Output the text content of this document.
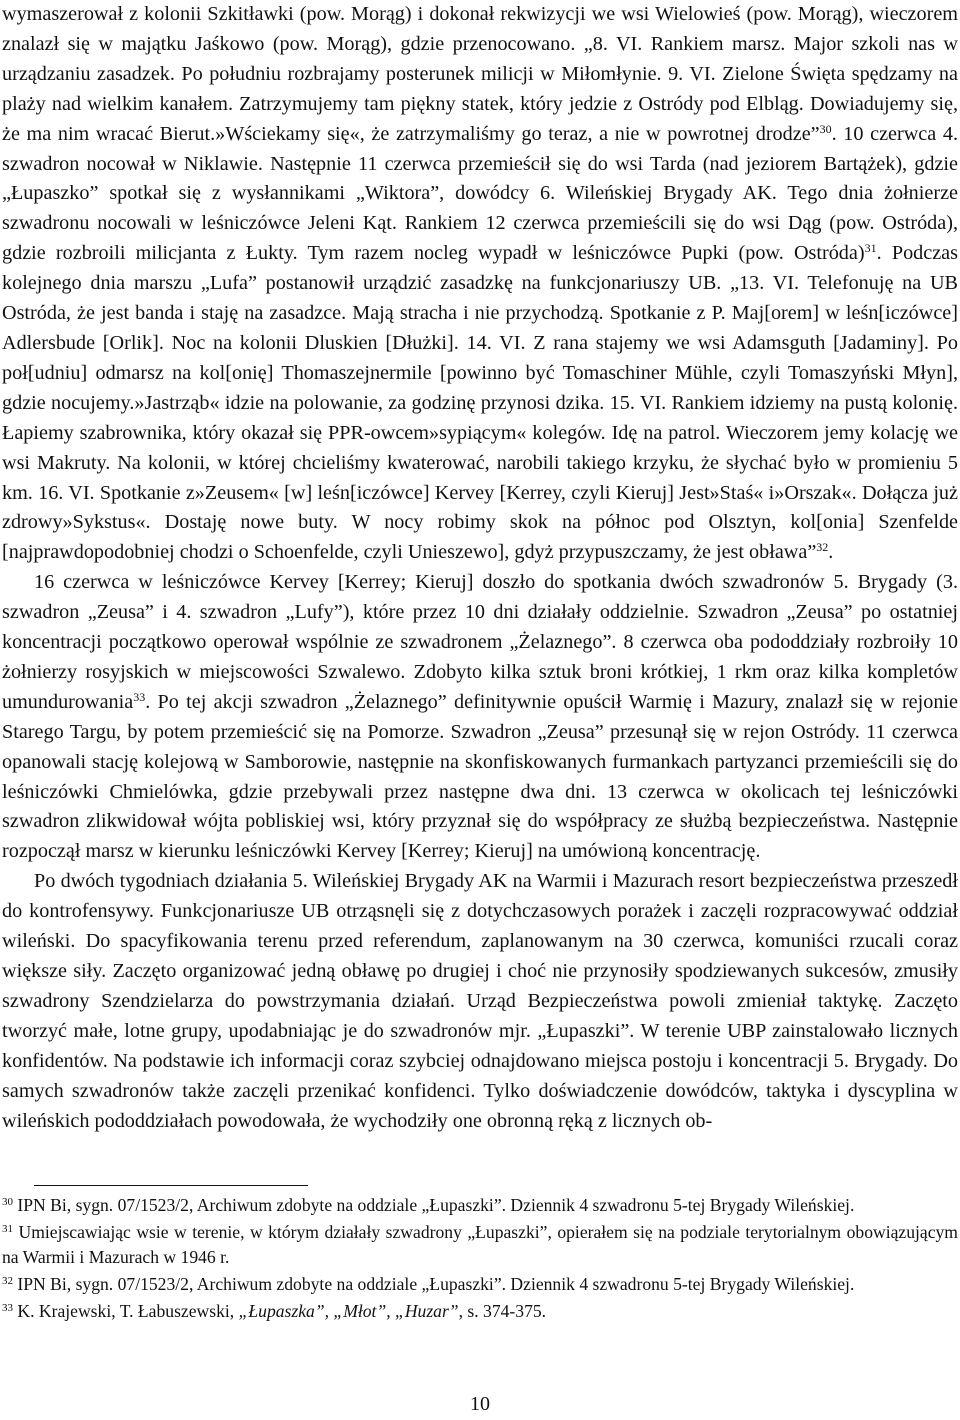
wymaszerował z kolonii Szkitławki (pow. Morąg) i dokonał rekwizycji we wsi Wielowieś (pow. Morąg), wieczorem znalazł się w majątku Jaśkowo (pow. Morąg), gdzie przenocowano. „8. VI. Rankiem marsz. Major szkoli nas w urządzaniu zasadzek. Po południu rozbrajamy posterunek milicji w Miłomłynie. 9. VI. Zielone Święta spędzamy na plaży nad wielkim kanałem. Zatrzymujemy tam piękny statek, który jedzie z Ostródy pod Elbląg. Dowiadujemy się, że ma nim wracać Bierut.»Wściekamy się«, że zatrzymaliśmy go teraz, a nie w powrotnej drodze”$^{30}$. 10 czerwca 4. szwadron nocował w Niklawie. Następnie 11 czerwca przemieścił się do wsi Tarda (nad jeziorem Bartążek), gdzie „Łupaszko” spotkał się z wysłannikami „Wiktora”, dowódcy 6. Wileńskiej Brygady AK. Tego dnia żołnierze szwadronu nocowali w leśniczówce Jeleni Kąt. Rankiem 12 czerwca przemieścili się do wsi Dąg (pow. Ostróda), gdzie rozbroili milicjanta z Łukty. Tym razem nocleg wypadł w leśniczówce Pupki (pow. Ostróda)$^{31}$. Podczas kolejnego dnia marszu „Lufa” postanowił urządzić zasadzkę na funkcjonariuszy UB. „13. VI. Telefonuję na UB Ostróda, że jest banda i staję na zasadzce. Mają stracha i nie przychodzą. Spotkanie z P. Maj[orem] w leśn[iczówce] Adlersbude [Orlik]. Noc na kolonii Dluskien [Dłużki]. 14. VI. Z rana stajemy we wsi Adamsguth [Jadaminy]. Po poł[udniu] odmarsz na kol[onię] Thomaszejnermile [powinno być Tomaschiner Mühle, czyli Tomaszyński Młyn], gdzie nocujemy.»Jastrząb« idzie na polowanie, za godzinę przynosi dzika. 15. VI. Rankiem idziemy na pustą kolonię. Łapiemy szabrownika, który okazał się PPR-owcem»sypiącym« kolegów. Idę na patrol. Wieczorem jemy kolację we wsi Makruty. Na kolonii, w której chcieliśmy kwaterować, narobili takiego krzyku, że słychać było w promieniu 5 km. 16. VI. Spotkanie z»Zeusem« [w] leśn[iczówce] Kervey [Kerrey, czyli Kieruj] Jest»Staś« i»Orszak«. Dołącza już zdrowy»Sykstus«. Dostaję nowe buty. W nocy robimy skok na północ pod Olsztyn, kol[onia] Szenfelde [najprawdopodobniej chodzi o Schoenfelde, czyli Unieszewo], gdyż przypuszczamy, że jest obława”$^{32}$.

16 czerwca w leśniczówce Kervey [Kerrey; Kieruj] doszło do spotkania dwóch szwadronów 5. Brygady (3. szwadron „Zeusa” i 4. szwadron „Lufy”), które przez 10 dni działały oddzielnie. Szwadron „Zeusa” po ostatniej koncentracji początkowo operował wspólnie ze szwadronem „Żelaznego”. 8 czerwca oba pododdziały rozbroiły 10 żołnierzy rosyjskich w miejscowości Szwalewo. Zdobyto kilka sztuk broni krótkiej, 1 rkm oraz kilka kompletów umundurowania$^{33}$. Po tej akcji szwadron „Żelaznego” definitywnie opuścił Warmię i Mazury, znalazł się w rejonie Starego Targu, by potem przemieścić się na Pomorze. Szwadron „Zeusa” przesunął się w rejon Ostródy. 11 czerwca opanowali stację kolejową w Samborowie, następnie na skonfiskowanych furmankach partyzanci przemieścili się do leśniczówki Chmielówka, gdzie przebywali przez następne dwa dni. 13 czerwca w okolicach tej leśniczówki szwadron zlikwidował wójta pobliskiej wsi, który przyznał się do współpracy ze służbą bezpieczeństwa. Następnie rozpoczął marsz w kierunku leśniczówki Kervey [Kerrey; Kieruj] na umówioną koncentrację.

Po dwóch tygodniach działania 5. Wileńskiej Brygady AK na Warmii i Mazurach resort bezpieczeństwa przeszedł do kontrofensywy. Funkcjonariusze UB otrząsnęli się z dotychczasowych porażek i zaczęli rozpracowywać oddział wileński. Do spacyfikowania terenu przed referendum, zaplanowanym na 30 czerwca, komuniści rzucali coraz większe siły. Zaczęto organizować jedną obławę po drugiej i choć nie przynosiły spodziewanych sukcesów, zmusiły szwadrony Szendzielarza do powstrzymania działań. Urząd Bezpieczeństwa powoli zmieniał taktykę. Zaczęto tworzyć małe, lotne grupy, upodabniając je do szwadronów mjr. „Łupaszki”. W terenie UBP zainstalowało licznych konfidentów. Na podstawie ich informacji coraz szybciej odnajdowano miejsca postoju i koncentracji 5. Brygady. Do samych szwadronów także zaczęli przenikać konfidenci. Tylko doświadczenie dowódców, taktyka i dyscyplina w wileńskich pododdziałach powodowała, że wychodziły one obronną ręką z licznych ob-

$^{30}$ IPN Bi, sygn. 07/1523/2, Archiwum zdobyte na oddziale „Łupaszki”. Dziennik 4 szwadronu 5-tej Brygady Wileńskiej.

$^{31}$ Umiejscawiając wsie w terenie, w którym działały szwadrony „Łupaszki”, opierałem się na podziale terytorialnym obowiązującym na Warmii i Mazurach w 1946 r.

$^{32}$ IPN Bi, sygn. 07/1523/2, Archiwum zdobyte na oddziale „Łupaszki”. Dziennik 4 szwadronu 5-tej Brygady Wileńskiej.

$^{33}$ K. Krajewski, T. Łabuszewski, „Łupaszka”, „Młot”, „Huzar”, s. 374-375.

10
